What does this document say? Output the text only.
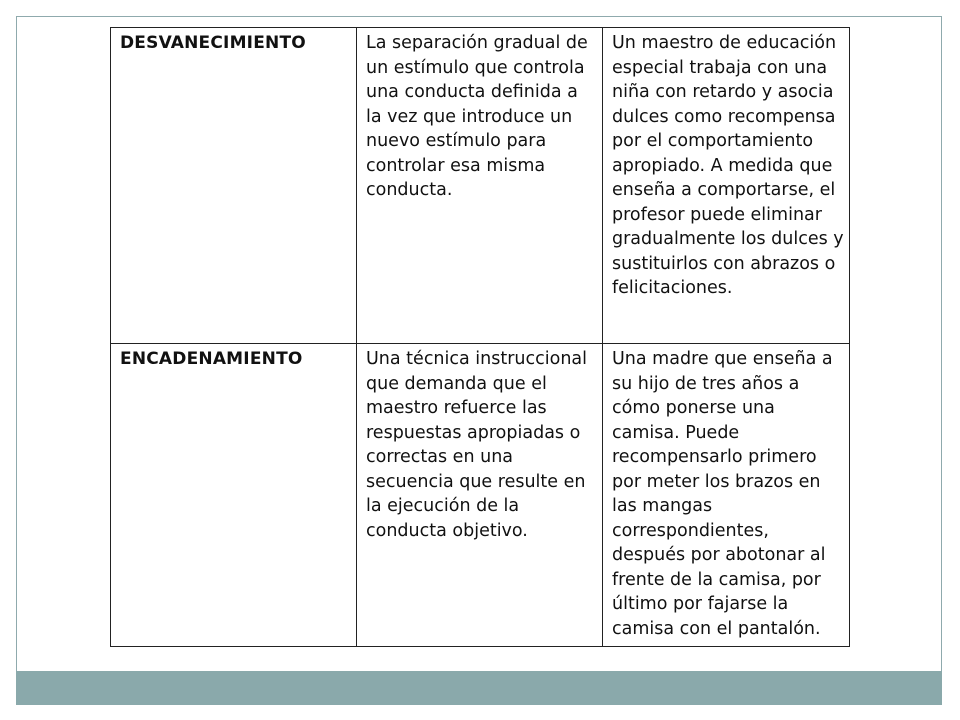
DESVANECIMIENTO	La separación gradual de un estímulo que controla una conducta definida a la vez que introduce un nuevo estímulo para controlar esa misma conducta.	Un maestro de educación especial trabaja con una niña con retardo y asocia dulces como recompensa por el comportamiento apropiado. A medida que enseña a comportarse, el profesor puede eliminar gradualmente los dulces y sustituirlos con abrazos o felicitaciones.
ENCADENAMIENTO	Una técnica instruccional que demanda que el maestro refuerce las respuestas apropiadas o correctas en una secuencia que resulte en la ejecución de la conducta objetivo.	Una madre que enseña a su hijo de tres años a cómo ponerse una camisa. Puede recompensarlo primero por meter los brazos en las mangas correspondientes, después por abotonar al frente de la camisa, por último por fajarse la camisa con el pantalón.
